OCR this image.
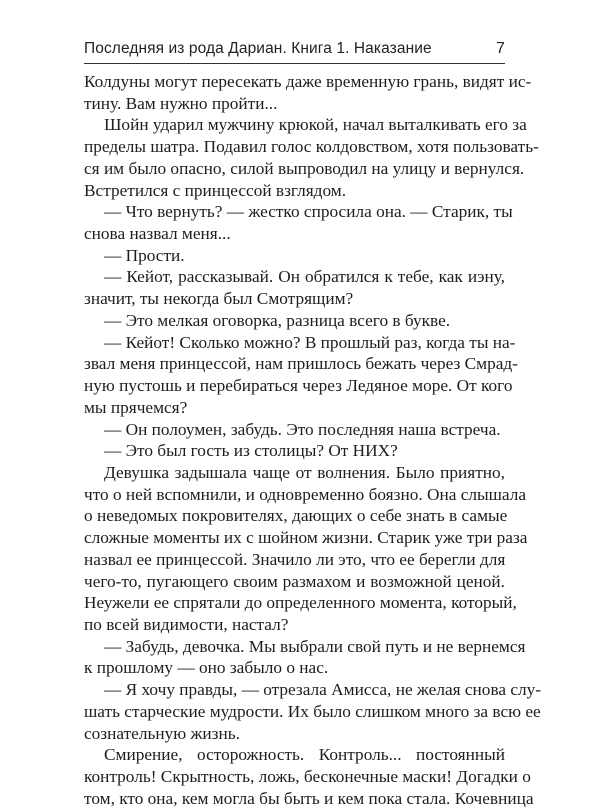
Последняя из рода Дариан. Книга 1. Наказание	7
Колдуны могут пересекать даже временную грань, видят ис-
тину. Вам нужно пройти...
Шойн ударил мужчину крюкой, начал выталкивать его за
пределы шатра. Подавил голос колдовством, хотя пользовать-
ся им было опасно, силой выпроводил на улицу и вернулся.
Встретился с принцессой взглядом.
— Что вернуть? — жестко спросила она. — Старик, ты
снова назвал меня...
— Прости.
— Кейот, рассказывай. Он обратился к тебе, как иэну,
значит, ты некогда был Смотрящим?
— Это мелкая оговорка, разница всего в букве.
— Кейот! Сколько можно? В прошлый раз, когда ты на-
звал меня принцессой, нам пришлось бежать через Смрад-
ную пустошь и перебираться через Ледяное море. От кого
мы прячемся?
— Он полоумен, забудь. Это последняя наша встреча.
— Это был гость из столицы? От НИХ?
Девушка задышала чаще от волнения. Было приятно,
что о ней вспомнили, и одновременно боязно. Она слышала
о неведомых покровителях, дающих о себе знать в самые
сложные моменты их с шойном жизни. Старик уже три раза
назвал ее принцессой. Значило ли это, что ее берегли для
чего-то, пугающего своим размахом и возможной ценой.
Неужели ее спрятали до определенного момента, который,
по всей видимости, настал?
— Забудь, девочка. Мы выбрали свой путь и не вернемся
к прошлому — оно забыло о нас.
— Я хочу правды, — отрезала Амисса, не желая снова слу-
шать старческие мудрости. Их было слишком много за всю ее
сознательную жизнь.
Смирение, осторожность. Контроль... постоянный
контроль! Скрытность, ложь, бесконечные маски! Догадки о
том, кто она, кем могла бы быть и кем пока стала. Кочевница
